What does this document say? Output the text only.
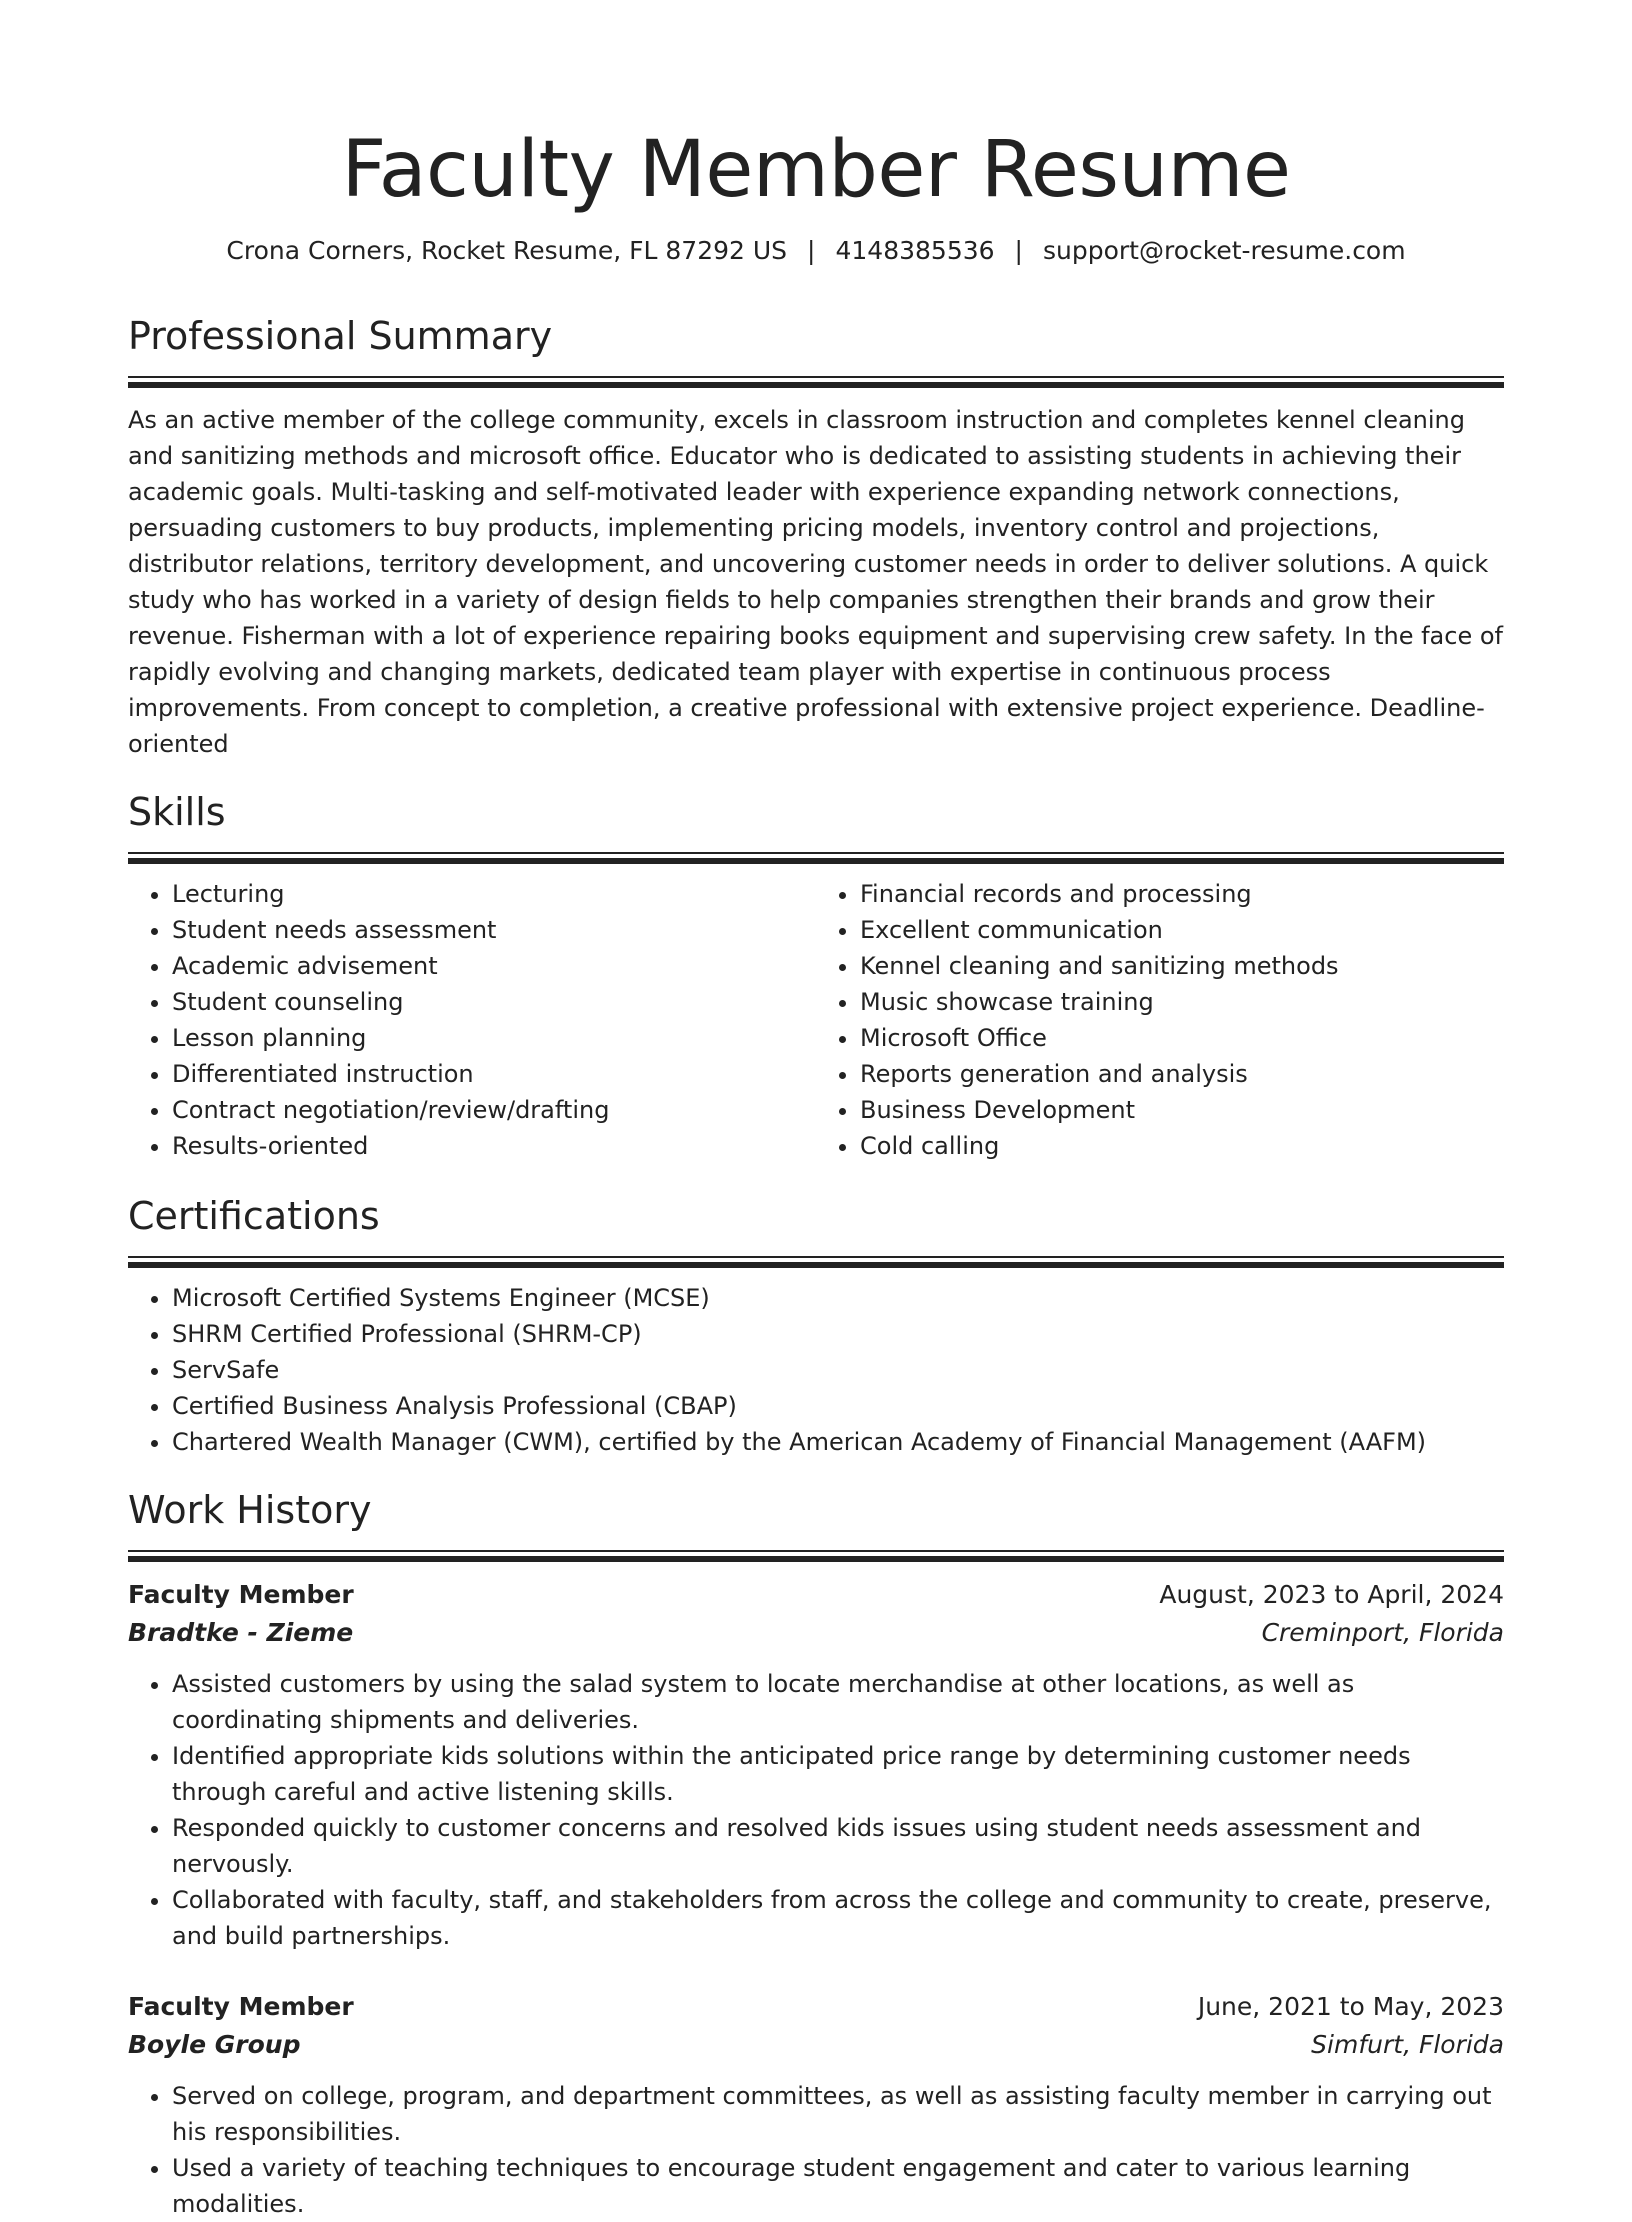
Faculty Member Resume
Crona Corners, Rocket Resume, FL 87292 US | 4148385536 | support@rocket-resume.com
Professional Summary

As an active member of the college community, excels in classroom instruction and completes kennel cleaning and sanitizing methods and microsoft office. Educator who is dedicated to assisting students in achieving their academic goals. Multi-tasking and self-motivated leader with experience expanding network connections, persuading customers to buy products, implementing pricing models, inventory control and projections, distributor relations, territory development, and uncovering customer needs in order to deliver solutions. A quick study who has worked in a variety of design fields to help companies strengthen their brands and grow their revenue. Fisherman with a lot of experience repairing books equipment and supervising crew safety. In the face of rapidly evolving and changing markets, dedicated team player with expertise in continuous process improvements. From concept to completion, a creative professional with extensive project experience. Deadline-oriented

Skills
• Lecturing
• Student needs assessment
• Academic advisement
• Student counseling
• Lesson planning
• Differentiated instruction
• Contract negotiation/review/drafting
• Results-oriented
• Financial records and processing
• Excellent communication
• Kennel cleaning and sanitizing methods
• Music showcase training
• Microsoft Office
• Reports generation and analysis
• Business Development
• Cold calling
Certifications
• Microsoft Certified Systems Engineer (MCSE)
• SHRM Certified Professional (SHRM-CP)
• ServSafe
• Certified Business Analysis Professional (CBAP)
• Chartered Wealth Manager (CWM), certified by the American Academy of Financial Management (AAFM)
Work History
Faculty Member	August, 2023 to April, 2024
Bradtke - Zieme	Creminport, Florida
• Assisted customers by using the salad system to locate merchandise at other locations, as well as coordinating shipments and deliveries.
• Identified appropriate kids solutions within the anticipated price range by determining customer needs through careful and active listening skills.
• Responded quickly to customer concerns and resolved kids issues using student needs assessment and nervously.
• Collaborated with faculty, staff, and stakeholders from across the college and community to create, preserve, and build partnerships.
Faculty Member	June, 2021 to May, 2023
Boyle Group	Simfurt, Florida
• Served on college, program, and department committees, as well as assisting faculty member in carrying out his responsibilities.
• Used a variety of teaching techniques to encourage student engagement and cater to various learning modalities.
